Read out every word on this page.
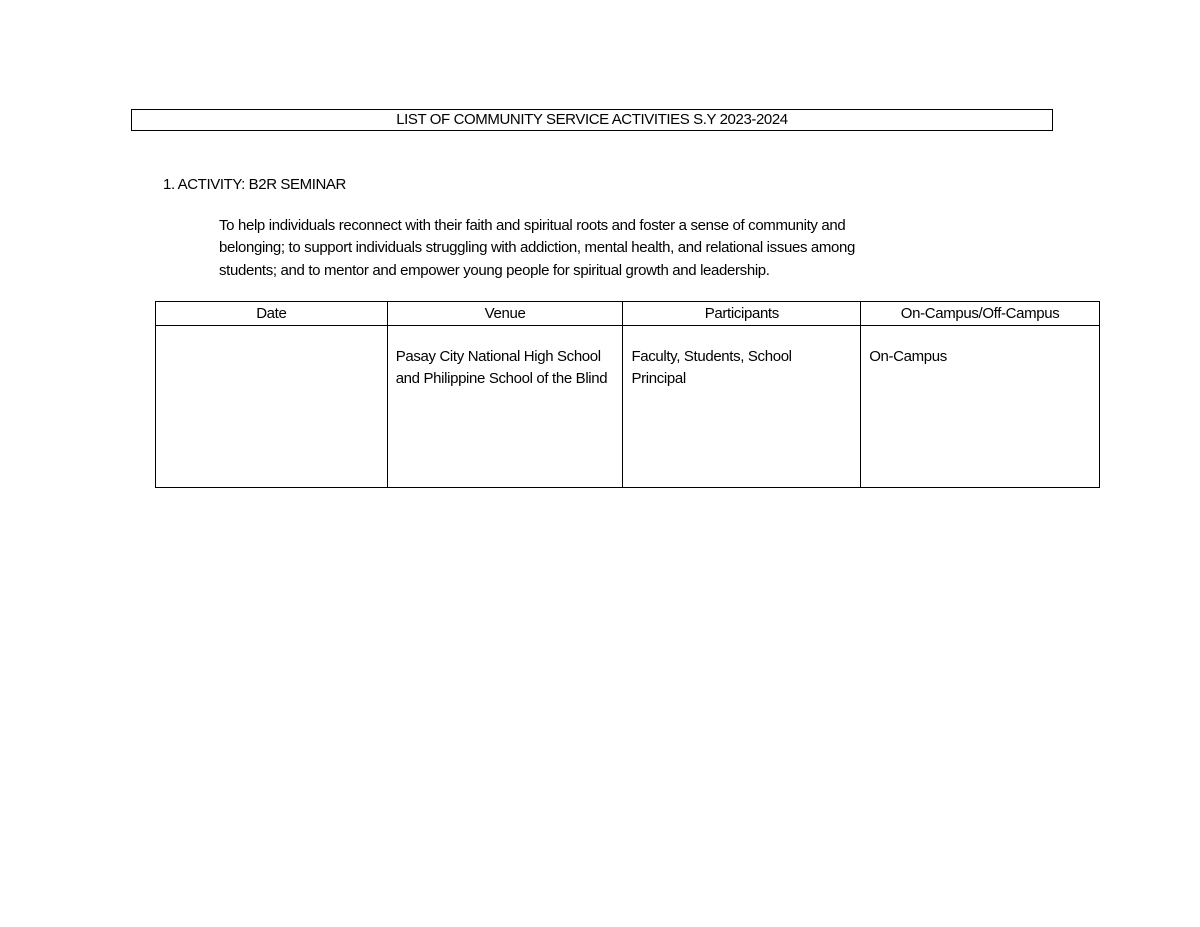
LIST OF COMMUNITY SERVICE ACTIVITIES S.Y 2023-2024
1. ACTIVITY: B2R SEMINAR
To help individuals reconnect with their faith and spiritual roots and foster a sense of community and
belonging; to support individuals struggling with addiction, mental health, and relational issues among
students; and to mentor and empower young people for spiritual growth and leadership.
Date	Venue	Participants	On-Campus/Off-Campus
	Pasay City National High School and Philippine School of the Blind	Faculty, Students, School Principal	On-Campus
